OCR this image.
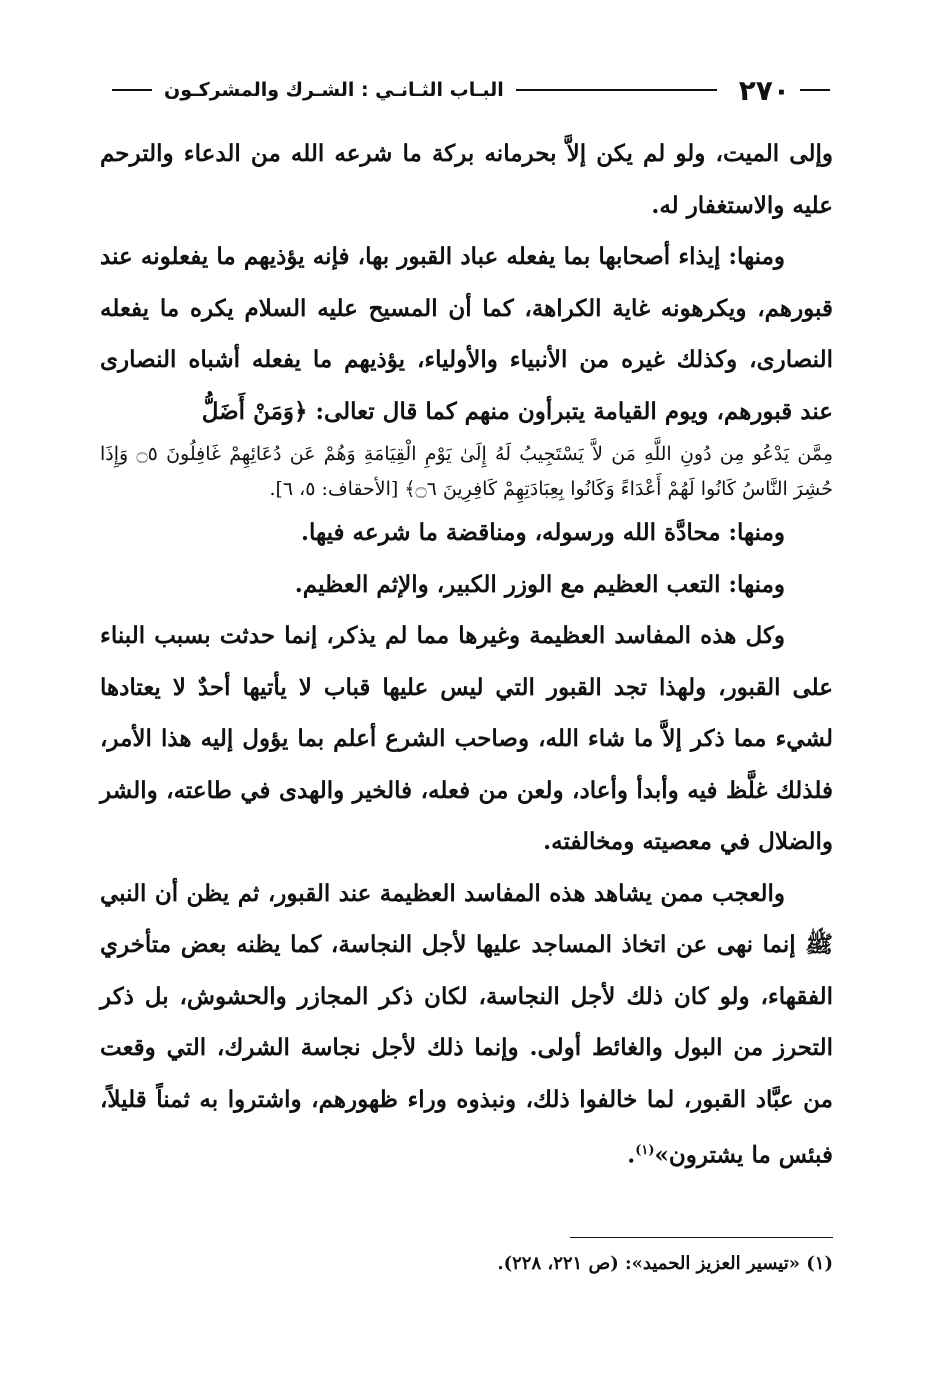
٢٧٠
البـاب الثـانـي : الشـرك والمشركـون

وإلى الميت، ولو لم يكن إلاَّ بحرمانه بركة ما شرعه الله من الدعاء والترحم عليه والاستغفار له.

ومنها: إيذاء أصحابها بما يفعله عباد القبور بها، فإنه يؤذيهم ما يفعلونه عند قبورهم، ويكرهونه غاية الكراهة، كما أن المسيح عليه السلام يكره ما يفعله النصارى، وكذلك غيره من الأنبياء والأولياء، يؤذيهم ما يفعله أشباه النصارى عند قبورهم، ويوم القيامة يتبرأون منهم كما قال تعالى: ﴿وَمَنْ أَضَلُّ

مِمَّن يَدْعُو مِن دُونِ اللَّهِ مَن لاَّ يَسْتَجِيبُ لَهُ إِلَىٰ يَوْمِ الْقِيَامَةِ وَهُمْ عَن دُعَائِهِمْ غَافِلُونَ ۝٥ وَإِذَا حُشِرَ النَّاسُ كَانُوا لَهُمْ أَعْدَاءً وَكَانُوا بِعِبَادَتِهِمْ كَافِرِينَ ۝٦﴾ [الأحقاف: ٥، ٦].

ومنها: محادَّة الله ورسوله، ومناقضة ما شرعه فيها.

ومنها: التعب العظيم مع الوزر الكبير، والإثم العظيم.

وكل هذه المفاسد العظيمة وغيرها مما لم يذكر، إنما حدثت بسبب البناء على القبور، ولهذا تجد القبور التي ليس عليها قباب لا يأتيها أحدٌ لا يعتادها لشيء مما ذكر إلاَّ ما شاء الله، وصاحب الشرع أعلم بما يؤول إليه هذا الأمر، فلذلك غلَّظ فيه وأبدأ وأعاد، ولعن من فعله، فالخير والهدى في طاعته، والشر والضلال في معصيته ومخالفته.

والعجب ممن يشاهد هذه المفاسد العظيمة عند القبور، ثم يظن أن النبي ﷺ إنما نهى عن اتخاذ المساجد عليها لأجل النجاسة، كما يظنه بعض متأخري الفقهاء، ولو كان ذلك لأجل النجاسة، لكان ذكر المجازر والحشوش، بل ذكر التحرز من البول والغائط أولى. وإنما ذلك لأجل نجاسة الشرك، التي وقعت من عبَّاد القبور، لما خالفوا ذلك، ونبذوه وراء ظهورهم، واشتروا به ثمناً قليلاً، فبئس ما يشترون»$^{(١)}$.

(١) «تيسير العزيز الحميد»: (ص ٢٢١، ٢٢٨).
